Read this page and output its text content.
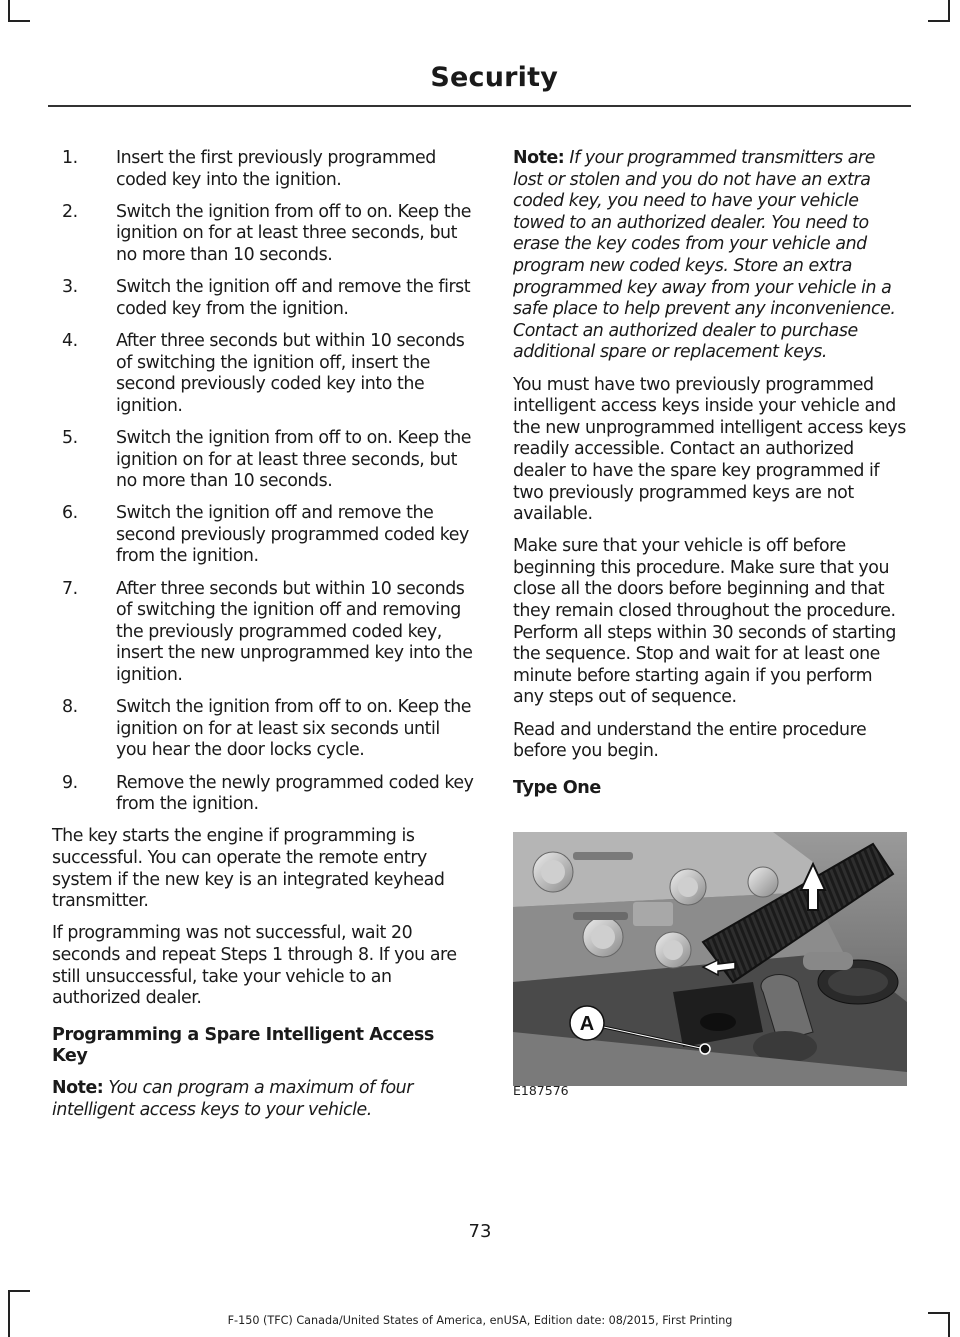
Security
1.	Insert the first previously programmed coded key into the ignition.
2.	Switch the ignition from off to on. Keep the ignition on for at least three seconds, but no more than 10 seconds.
3.	Switch the ignition off and remove the first coded key from the ignition.
4.	After three seconds but within 10 seconds of switching the ignition off, insert the second previously coded key into the ignition.
5.	Switch the ignition from off to on. Keep the ignition on for at least three seconds, but no more than 10 seconds.
6.	Switch the ignition off and remove the second previously programmed coded key from the ignition.
7.	After three seconds but within 10 seconds of switching the ignition off and removing the previously programmed coded key, insert the new unprogrammed key into the ignition.
8.	Switch the ignition from off to on. Keep the ignition on for at least six seconds until you hear the door locks cycle.
9.	Remove the newly programmed coded key from the ignition.

The key starts the engine if programming is successful. You can operate the remote entry system if the new key is an integrated keyhead transmitter.

If programming was not successful, wait 20 seconds and repeat Steps 1 through 8. If you are still unsuccessful, take your vehicle to an authorized dealer.

Programming a Spare Intelligent Access Key

Note: You can program a maximum of four intelligent access keys to your vehicle.

Note: If your programmed transmitters are lost or stolen and you do not have an extra coded key, you need to have your vehicle towed to an authorized dealer. You need to erase the key codes from your vehicle and program new coded keys. Store an extra programmed key away from your vehicle in a safe place to help prevent any inconvenience. Contact an authorized dealer to purchase additional spare or replacement keys.

You must have two previously programmed intelligent access keys inside your vehicle and the new unprogrammed intelligent access keys readily accessible. Contact an authorized dealer to have the spare key programmed if two previously programmed keys are not available.

Make sure that your vehicle is off before beginning this procedure. Make sure that you close all the doors before beginning and that they remain closed throughout the procedure. Perform all steps within 30 seconds of starting the sequence. Stop and wait for at least one minute before starting again if you perform any steps out of sequence.

Read and understand the entire procedure before you begin.

Type One
A
E187576
73
F-150 (TFC) Canada/United States of America, enUSA, Edition date: 08/2015, First Printing
